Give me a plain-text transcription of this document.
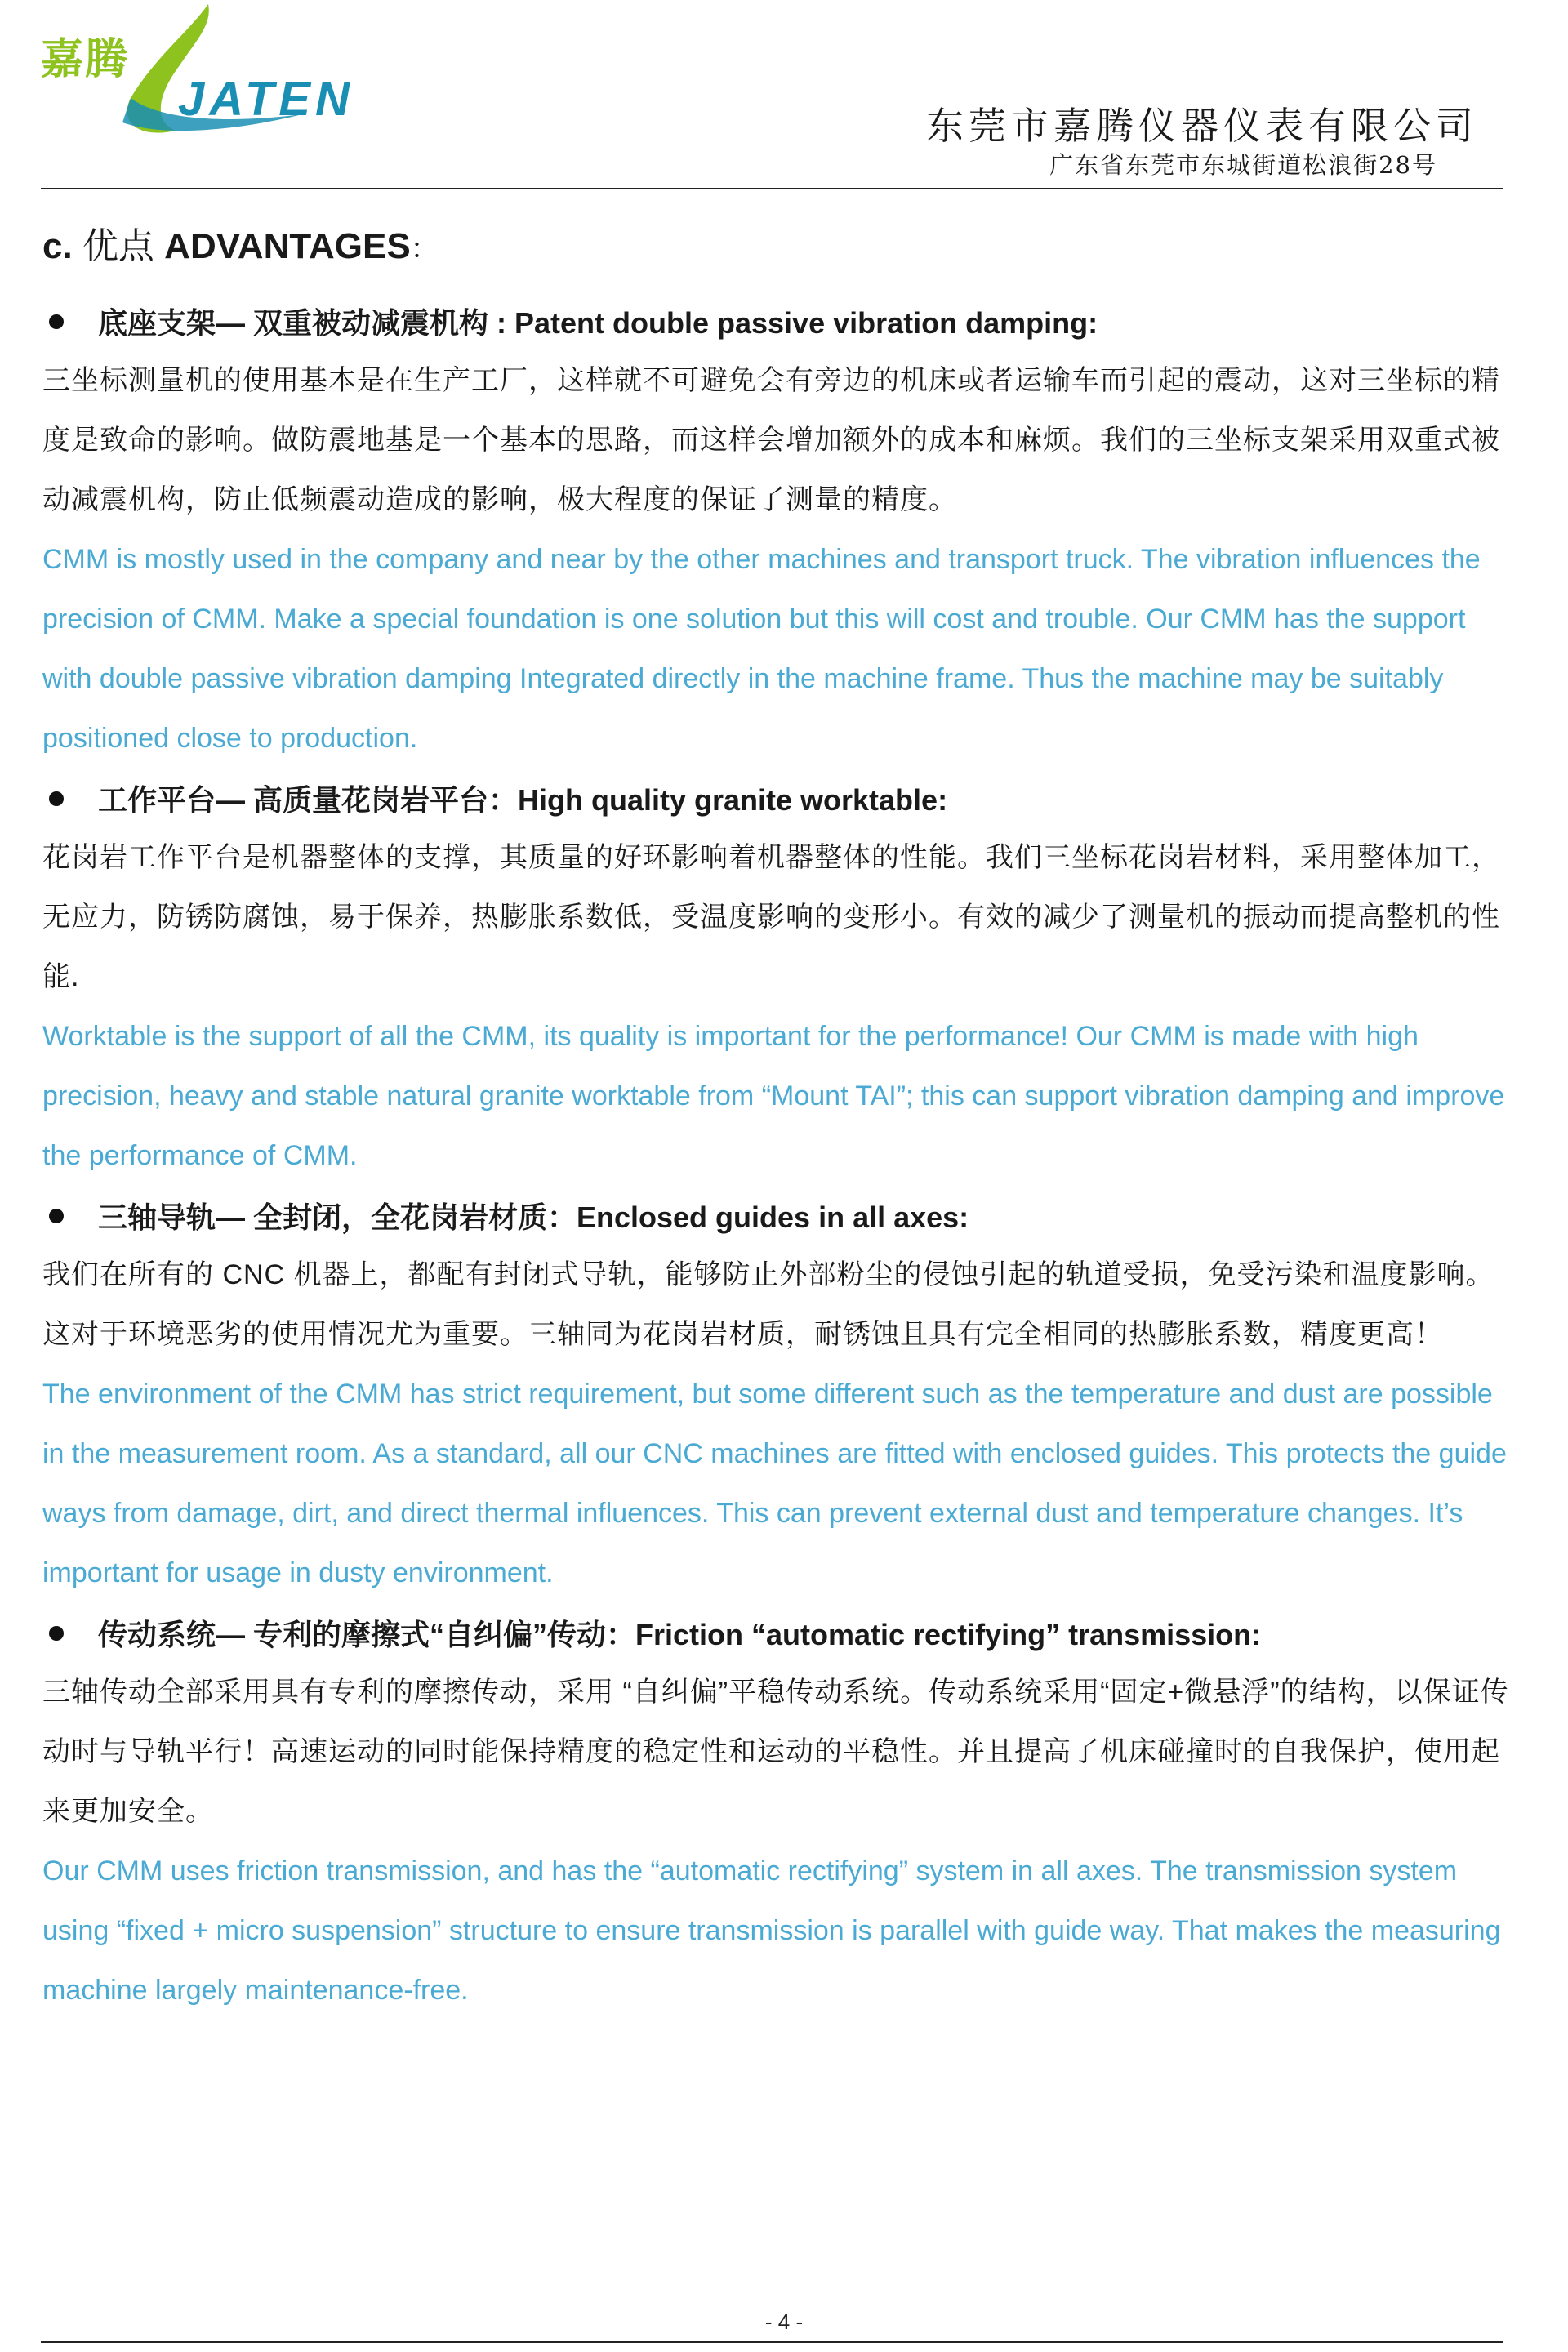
嘉腾
JATEN	东莞市嘉腾仪器仪表有限公司
广东省东莞市东城街道松浪街28号
c. 优点 ADVANTAGES：
底座支架— 双重被动减震机构 : Patent double passive vibration damping:

三坐标测量机的使用基本是在生产工厂，这样就不可避免会有旁边的机床或者运输车而引起的震动，这对三坐标的精度是致命的影响。做防震地基是一个基本的思路，而这样会增加额外的成本和麻烦。我们的三坐标支架采用双重式被动减震机构，防止低频震动造成的影响，极大程度的保证了测量的精度。

CMM is mostly used in the company and near by the other machines and transport truck. The vibration influences the precision of CMM. Make a special foundation is one solution but this will cost and trouble. Our CMM has the support with double passive vibration damping Integrated directly in the machine frame. Thus the machine may be suitably positioned close to production.

工作平台— 高质量花岗岩平台：High quality granite worktable:

花岗岩工作平台是机器整体的支撑，其质量的好环影响着机器整体的性能。我们三坐标花岗岩材料，采用整体加工，无应力，防锈防腐蚀，易于保养，热膨胀系数低，受温度影响的变形小。有效的减少了测量机的振动而提高整机的性能.

Worktable is the support of all the CMM, its quality is important for the performance! Our CMM is made with high precision, heavy and stable natural granite worktable from “Mount TAI”; this can support vibration damping and improve the performance of CMM.

三轴导轨— 全封闭，全花岗岩材质：Enclosed guides in all axes:

我们在所有的 CNC 机器上，都配有封闭式导轨，能够防止外部粉尘的侵蚀引起的轨道受损，免受污染和温度影响。这对于环境恶劣的使用情况尤为重要。三轴同为花岗岩材质，耐锈蚀且具有完全相同的热膨胀系数，精度更高！

The environment of the CMM has strict requirement, but some different such as the temperature and dust are possible in the measurement room. As a standard, all our CNC machines are fitted with enclosed guides. This protects the guide ways from damage, dirt, and direct thermal influences. This can prevent external dust and temperature changes. It’s important for usage in dusty environment.

传动系统— 专利的摩擦式“自纠偏”传动：Friction “automatic rectifying” transmission:

三轴传动全部采用具有专利的摩擦传动，采用 “自纠偏”平稳传动系统。传动系统采用“固定+微悬浮”的结构，以保证传动时与导轨平行！高速运动的同时能保持精度的稳定性和运动的平稳性。并且提高了机床碰撞时的自我保护，使用起来更加安全。

Our CMM uses friction transmission, and has the “automatic rectifying” system in all axes. The transmission system using “fixed + micro suspension” structure to ensure transmission is parallel with guide way. That makes the measuring machine largely maintenance-free.

- 4 -
